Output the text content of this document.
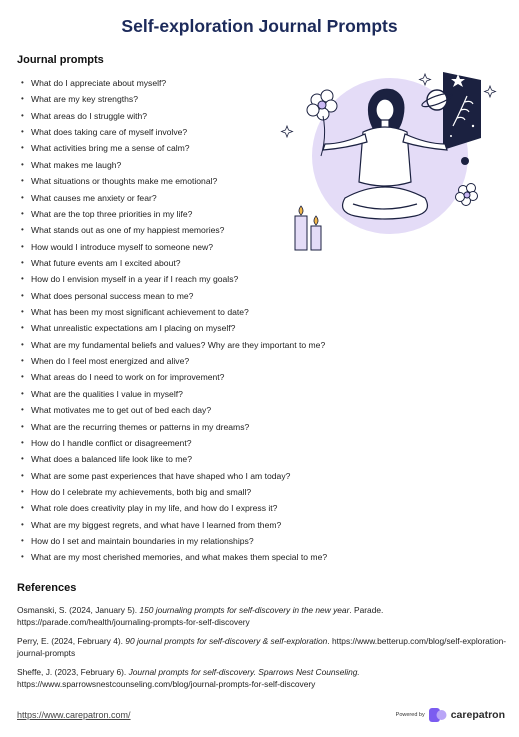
Self-exploration Journal Prompts
Journal prompts
• What do I appreciate about myself?
• What are my key strengths?
• What areas do I struggle with?
• What does taking care of myself involve?
• What activities bring me a sense of calm?
• What makes me laugh?
• What situations or thoughts make me emotional?
• What causes me anxiety or fear?
• What are the top three priorities in my life?
• What stands out as one of my happiest memories?
• How would I introduce myself to someone new?
• What future events am I excited about?
• How do I envision myself in a year if I reach my goals?
• What does personal success mean to me?
• What has been my most significant achievement to date?
• What unrealistic expectations am I placing on myself?
• What are my fundamental beliefs and values? Why are they important to me?
• When do I feel most energized and alive?
• What areas do I need to work on for improvement?
• What are the qualities I value in myself?
• What motivates me to get out of bed each day?
• What are the recurring themes or patterns in my dreams?
• How do I handle conflict or disagreement?
• What does a balanced life look like to me?
• What are some past experiences that have shaped who I am today?
• How do I celebrate my achievements, both big and small?
• What role does creativity play in my life, and how do I express it?
• What are my biggest regrets, and what have I learned from them?
• How do I set and maintain boundaries in my relationships?
• What are my most cherished memories, and what makes them special to me?
References

Osmanski, S. (2024, January 5). 150 journaling prompts for self-discovery in the new year. Parade. https://parade.com/health/journaling-prompts-for-self-discovery

Perry, E. (2024, February 4). 90 journal prompts for self-discovery & self-exploration. https://www.betterup.com/blog/self-exploration-journal-prompts

Sheffe, J. (2023, February 6). Journal prompts for self-discovery. Sparrows Nest Counseling. https://www.sparrowsnestcounseling.com/blog/journal-prompts-for-self-discovery

https://www.carepatron.com/	Powered by carepatron
